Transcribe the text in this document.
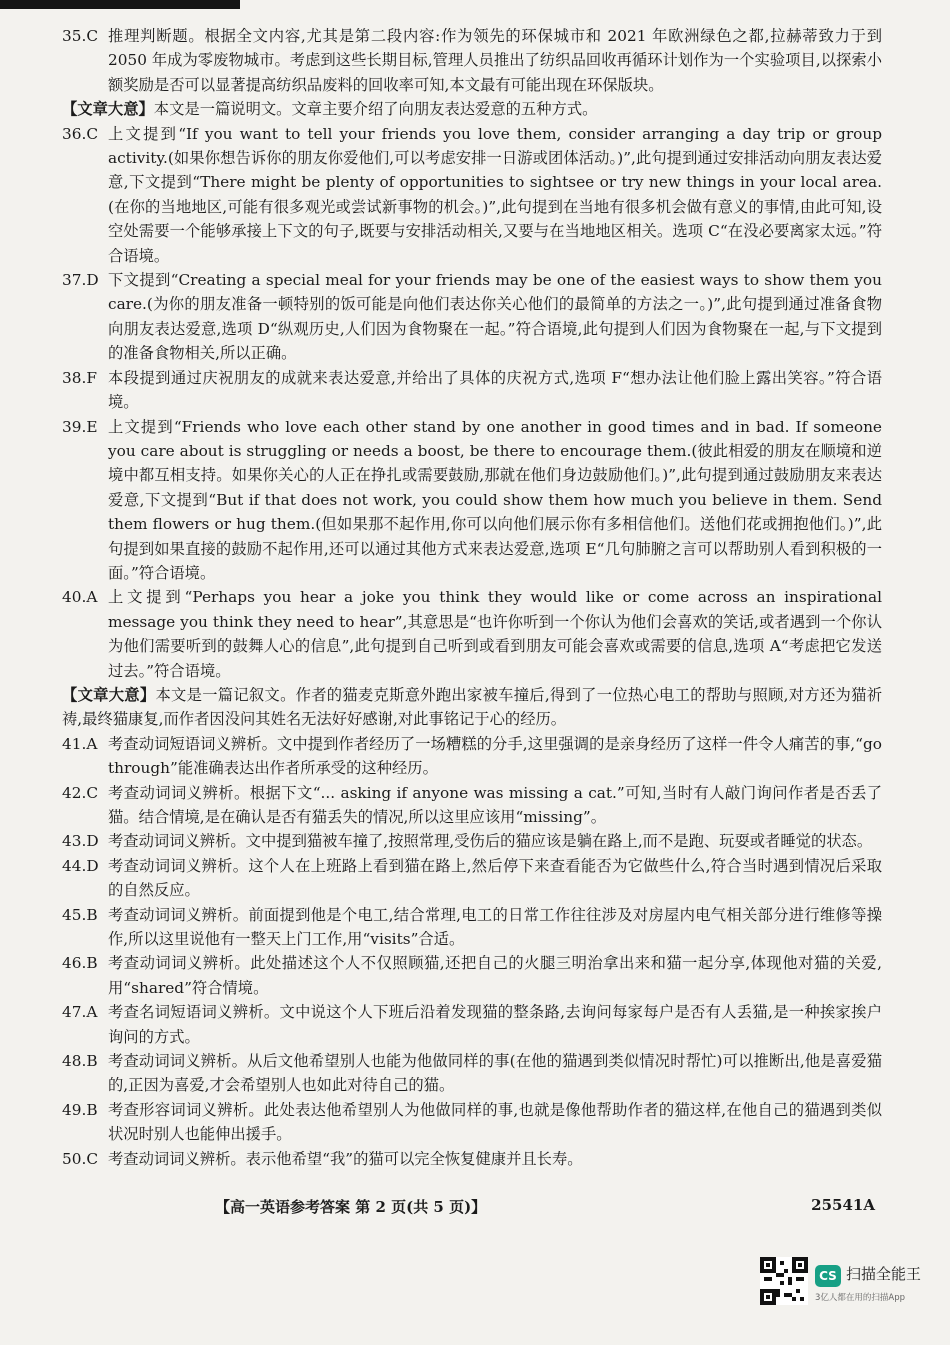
35.C 推理判断题。根据全文内容,尤其是第二段内容:作为领先的环保城市和 2021 年欧洲绿色之都,拉赫蒂致力于到 2050 年成为零废物城市。考虑到这些长期目标,管理人员推出了纺织品回收再循环计划作为一个实验项目,以探索小额奖励是否可以显著提高纺织品废料的回收率可知,本文最有可能出现在环保版块。
【文章大意】本文是一篇说明文。文章主要介绍了向朋友表达爱意的五种方式。
36.C 上文提到“If you want to tell your friends you love them, consider arranging a day trip or group activity.(如果你想告诉你的朋友你爱他们,可以考虑安排一日游或团体活动。)”,此句提到通过安排活动向朋友表达爱意,下文提到“There might be plenty of opportunities to sightsee or try new things in your local area.(在你的当地地区,可能有很多观光或尝试新事物的机会。)”,此句提到在当地有很多机会做有意义的事情,由此可知,设空处需要一个能够承接上下文的句子,既要与安排活动相关,又要与在当地地区相关。选项 C“在没必要离家太远。”符合语境。
37.D 下文提到“Creating a special meal for your friends may be one of the easiest ways to show them you care.(为你的朋友准备一顿特别的饭可能是向他们表达你关心他们的最简单的方法之一。)”,此句提到通过准备食物向朋友表达爱意,选项 D“纵观历史,人们因为食物聚在一起。”符合语境,此句提到人们因为食物聚在一起,与下文提到的准备食物相关,所以正确。
38.F 本段提到通过庆祝朋友的成就来表达爱意,并给出了具体的庆祝方式,选项 F“想办法让他们脸上露出笑容。”符合语境。
39.E 上文提到“Friends who love each other stand by one another in good times and in bad. If someone you care about is struggling or needs a boost, be there to encourage them.(彼此相爱的朋友在顺境和逆境中都互相支持。如果你关心的人正在挣扎或需要鼓励,那就在他们身边鼓励他们。)”,此句提到通过鼓励朋友来表达爱意,下文提到“But if that does not work, you could show them how much you believe in them. Send them flowers or hug them.(但如果那不起作用,你可以向他们展示你有多相信他们。送他们花或拥抱他们。)”,此句提到如果直接的鼓励不起作用,还可以通过其他方式来表达爱意,选项 E“几句肺腑之言可以帮助别人看到积极的一面。”符合语境。
40.A 上文提到“Perhaps you hear a joke you think they would like or come across an inspirational message you think they need to hear”,其意思是“也许你听到一个你认为他们会喜欢的笑话,或者遇到一个你认为他们需要听到的鼓舞人心的信息”,此句提到自己听到或看到朋友可能会喜欢或需要的信息,选项 A“考虑把它发送过去。”符合语境。
【文章大意】本文是一篇记叙文。作者的猫麦克斯意外跑出家被车撞后,得到了一位热心电工的帮助与照顾,对方还为猫祈祷,最终猫康复,而作者因没问其姓名无法好好感谢,对此事铭记于心的经历。
41.A 考查动词短语词义辨析。文中提到作者经历了一场糟糕的分手,这里强调的是亲身经历了这样一件令人痛苦的事,“go through”能准确表达出作者所承受的这种经历。
42.C 考查动词词义辨析。根据下文“... asking if anyone was missing a cat.”可知,当时有人敲门询问作者是否丢了猫。结合情境,是在确认是否有猫丢失的情况,所以这里应该用“missing”。
43.D 考查动词词义辨析。文中提到猫被车撞了,按照常理,受伤后的猫应该是躺在路上,而不是跑、玩耍或者睡觉的状态。
44.D 考查动词词义辨析。这个人在上班路上看到猫在路上,然后停下来查看能否为它做些什么,符合当时遇到情况后采取的自然反应。
45.B 考查动词词义辨析。前面提到他是个电工,结合常理,电工的日常工作往往涉及对房屋内电气相关部分进行维修等操作,所以这里说他有一整天上门工作,用“visits”合适。
46.B 考查动词词义辨析。此处描述这个人不仅照顾猫,还把自己的火腿三明治拿出来和猫一起分享,体现他对猫的关爱,用“shared”符合情境。
47.A 考查名词短语词义辨析。文中说这个人下班后沿着发现猫的整条路,去询问每家每户是否有人丢猫,是一种挨家挨户询问的方式。
48.B 考查动词词义辨析。从后文他希望别人也能为他做同样的事(在他的猫遇到类似情况时帮忙)可以推断出,他是喜爱猫的,正因为喜爱,才会希望别人也如此对待自己的猫。
49.B 考查形容词词义辨析。此处表达他希望别人为他做同样的事,也就是像他帮助作者的猫这样,在他自己的猫遇到类似状况时别人也能伸出援手。
50.C 考查动词词义辨析。表示他希望“我”的猫可以完全恢复健康并且长寿。
【高一英语参考答案 第 2 页(共 5 页)】	25541A
CS 扫描全能王
3亿人都在用的扫描App
